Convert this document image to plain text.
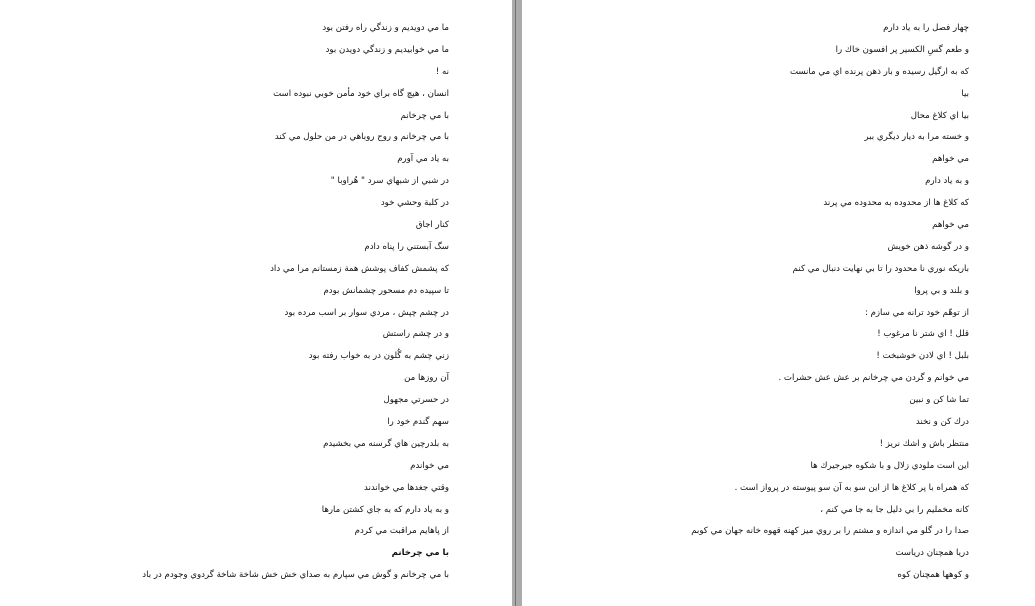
ما مي دويديم و زندگي راه رفتن بود
ما مي خوابيديم و زندگي دويدن بود
نه !
انسان ، هيچ گاه براي خود مأمن خوبي نبوده است
با مي چرخانم
با مي چرخانم و روح روباهي در من حلول مي كند
به ياد مي آورم
در شبي از شبهاي سرد " هُراوبا "
در كلبة وحشي خود
كنار اجاق
سگ آبستني را پناه دادم
كه پشمش كفاف پوشش همة زمستانم مرا مي داد
تا سپيده دم مسحور چشمانش بودم
در چشم چپش ، مردي سوار بر اسب مرده بود
و در چشم راستش
زني چشم به گُلون در به خواب رفته بود
آن روزها من
در حسرتي مجهول
سهم گندم خود را
به بلدرچين هاي گرسنه مي بخشيدم
مي خواندم
وقتي جغدها مي خواندند
و به ياد دارم كه به جاي كشتن مارها
از پاهايم مراقبت مي كردم
با مي چرخانم
با مي چرخانم و گوش مي سپارم به صداي خش خش شاخة شاخة گردوي وجودم در باد
چهار فصل را به ياد دارم
و طعم گسِ الكسير پر افسون خاك را
كه به ارگيل رسيده و بار ذهن پرنده اي مي مانست
بيا
بيا اي كلاغ محال
و خسته مرا به ديار ديگري ببر
مي خواهم
و به ياد دارم
كه كلاغ ها از محدوده به محدوده مي پرند
مي خواهم
و در گوشه ذهن خويش
باريكه نوري نا محدود را تا بي نهايت دنبال مي كنم
و بلند و بي پروا
از توهّم خود ترانه مي سازم :
قلل ! اي شتر نا مرغوب !
بلبل ! اي لادن خوشبخت !
مي خوانم و گردن مي چرخانم بر عش عش حشرات .
تما شا كن و نبين
درك كن و نخند
منتظر باش و اشك نريز !
اين است ملودي زلال و با شكوه جيرجيرك ها
كه همراه با پر كلاغ ها از اين سو به آن سو پيوسته در پرواز است .
كانه مخمليم را بي دليل جا به جا مي كنم ،
صدا را در گلو مي اندازه و مشتم را بر روي ميز كهنه قهوه خانه جهان مي كوبم
دريا همچنان درياست
و كوهها همچنان كوه
